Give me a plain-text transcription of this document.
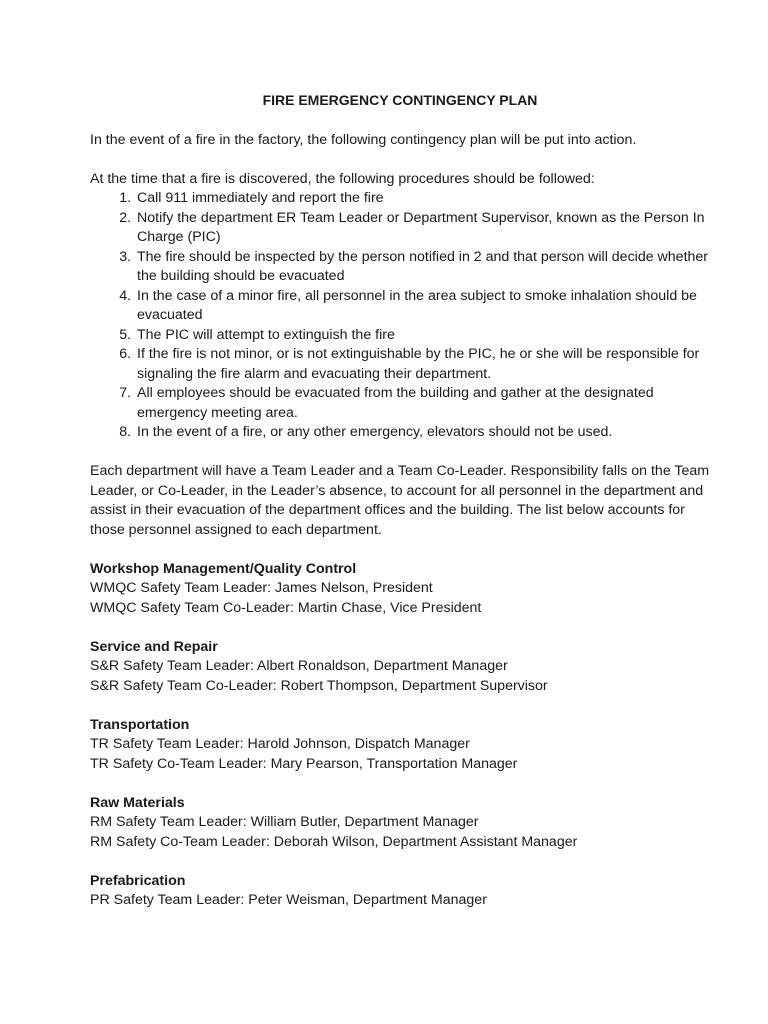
FIRE EMERGENCY CONTINGENCY PLAN

In the event of a fire in the factory, the following contingency plan will be put into action.

At the time that a fire is discovered, the following procedures should be followed:

1. Call 911 immediately and report the fire
2. Notify the department ER Team Leader or Department Supervisor, known as the Person In Charge (PIC)
3. The fire should be inspected by the person notified in 2 and that person will decide whether the building should be evacuated
4. In the case of a minor fire, all personnel in the area subject to smoke inhalation should be evacuated
5. The PIC will attempt to extinguish the fire
6. If the fire is not minor, or is not extinguishable by the PIC, he or she will be responsible for signaling the fire alarm and evacuating their department.
7. All employees should be evacuated from the building and gather at the designated emergency meeting area.
8. In the event of a fire, or any other emergency, elevators should not be used.

Each department will have a Team Leader and a Team Co-Leader. Responsibility falls on the Team Leader, or Co-Leader, in the Leader’s absence, to account for all personnel in the department and assist in their evacuation of the department offices and the building. The list below accounts for those personnel assigned to each department.

Workshop Management/Quality Control

WMQC Safety Team Leader: James Nelson, President

WMQC Safety Team Co-Leader: Martin Chase, Vice President

Service and Repair

S&R Safety Team Leader: Albert Ronaldson, Department Manager

S&R Safety Team Co-Leader: Robert Thompson, Department Supervisor

Transportation

TR Safety Team Leader: Harold Johnson, Dispatch Manager

TR Safety Co-Team Leader: Mary Pearson, Transportation Manager

Raw Materials

RM Safety Team Leader: William Butler, Department Manager

RM Safety Co-Team Leader: Deborah Wilson, Department Assistant Manager

Prefabrication

PR Safety Team Leader: Peter Weisman, Department Manager
